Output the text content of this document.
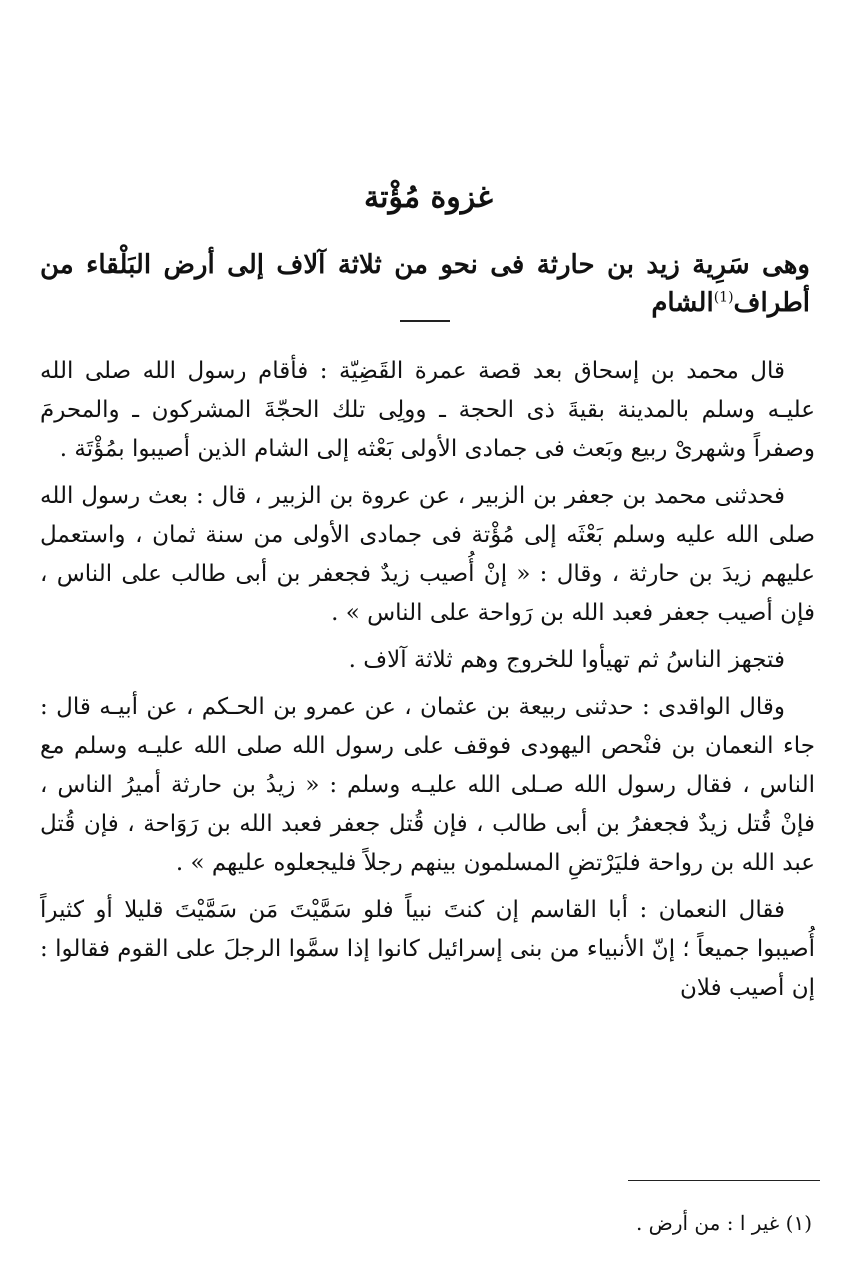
غزوة مُؤْتة
وهى سَرِية زيد بن حارثة فى نحو من ثلاثة آلاف إلى أرض البَلْقاء من أطراف$^{(1)}$الشام

قال محمد بن إسحاق بعد قصة عمرة القَضِيّة : فأقام رسول الله صلى الله عليـه وسلم بالمدينة بقيةَ ذى الحجة ـ وولِى تلك الحجّةَ المشركون ـ والمحرمَ وصفراً وشهرىْ ربيع وبَعث فى جمادى الأولى بَعْثه إلى الشام الذين أصيبوا بمُؤْتَة .

فحدثنى محمد بن جعفر بن الزبير ، عن عروة بن الزبير ، قال : بعث رسول الله صلى الله عليه وسلم بَعْثَه إلى مُؤْتة فى جمادى الأولى من سنة ثمان ، واستعمل عليهم زيدَ بن حارثة ، وقال : « إنْ أُصيب زيدٌ فجعفر بن أبى طالب على الناس ، فإن أصيب جعفر فعبد الله بن رَواحة على الناس » .

فتجهز الناسُ ثم تهيأوا للخروج وهم ثلاثة آلاف .

وقال الواقدى : حدثنى ربيعة بن عثمان ، عن عمرو بن الحـكم ، عن أبيـه قال : جاء النعمان بن فنْحص اليهودى فوقف على رسول الله صلى الله عليـه وسلم مع الناس ، فقال رسول الله صـلى الله عليـه وسلم : « زيدُ بن حارثة أميرُ الناس ، فإنْ قُتل زيدٌ فجعفرُ بن أبى طالب ، فإن قُتل جعفر فعبد الله بن رَوَاحة ، فإن قُتل عبد الله بن رواحة فليَرْتضِ المسلمون بينهم رجلاً فليجعلوه عليهم » .

فقال النعمان : أبا القاسم إن كنتَ نبياً فلو سَمَّيْتَ مَن سَمَّيْتَ قليلا أو كثيراً أُصيبوا جميعاً ؛ إنّ الأنبياء من بنى إسرائيل كانوا إذا سمَّوا الرجلَ على القوم فقالوا : إن أصيب فلان

(١) غير ا : من أرض .
